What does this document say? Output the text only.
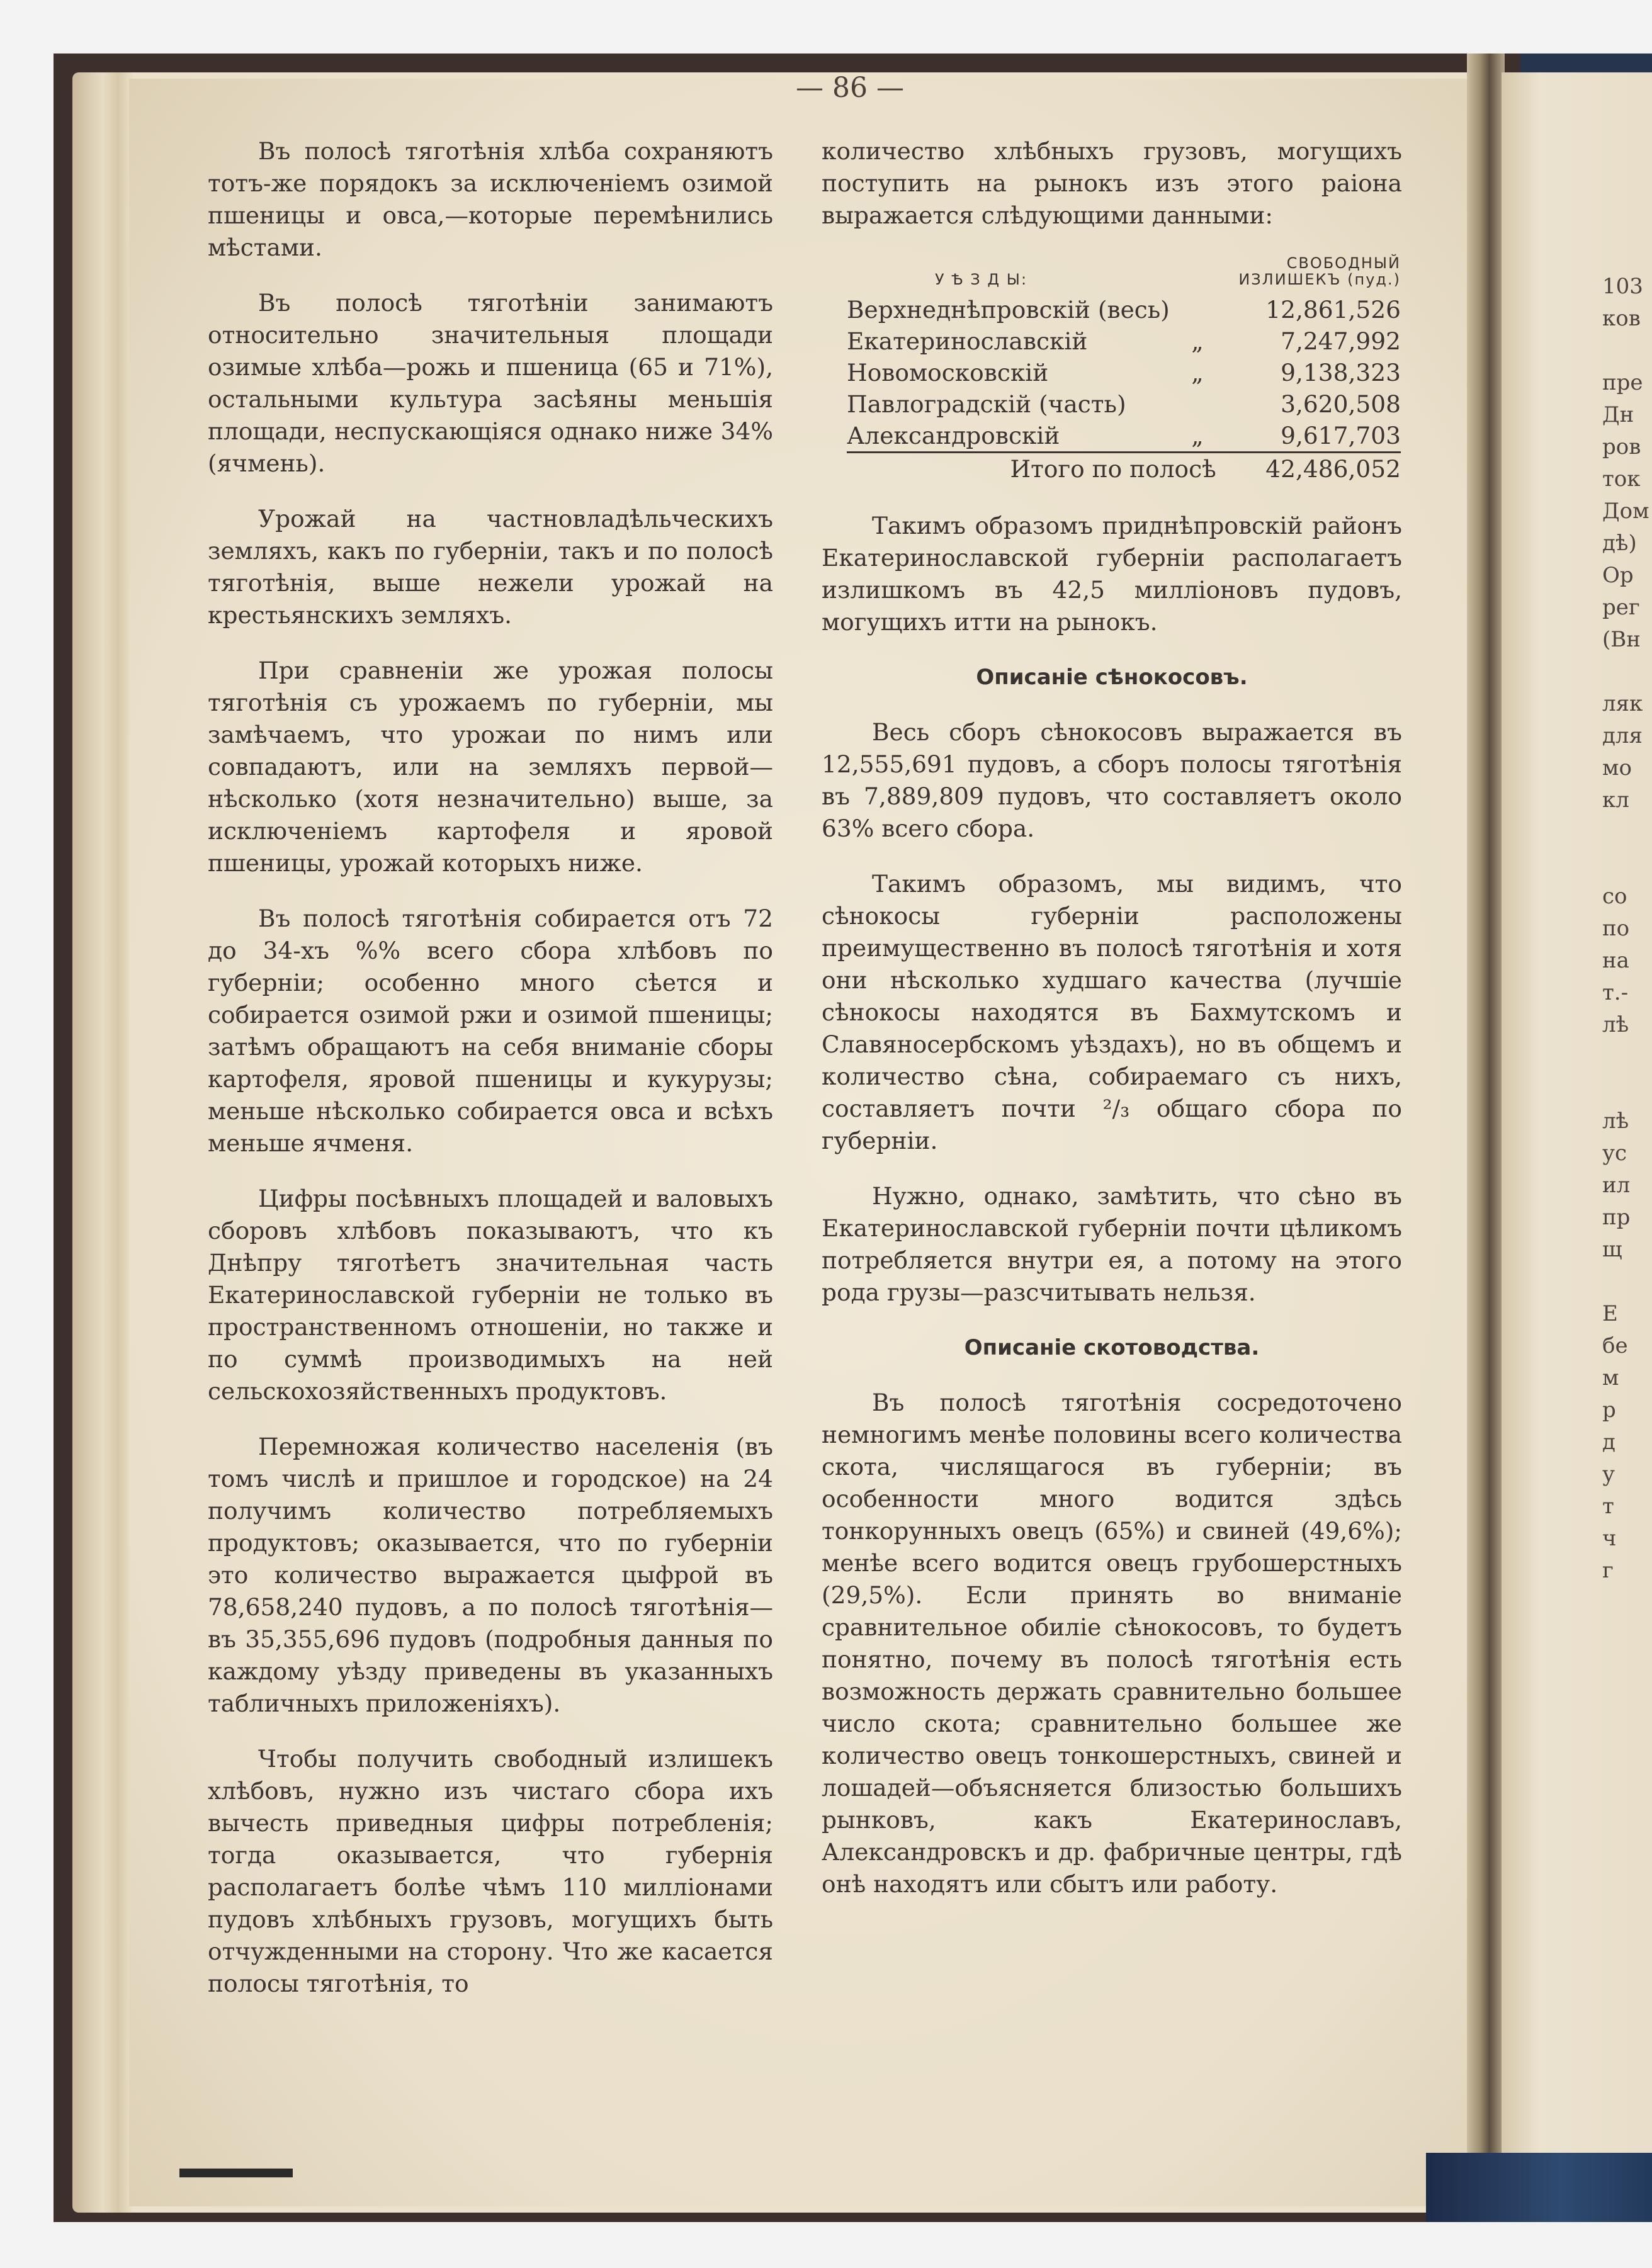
— 86 —

Въ полосѣ тяготѣнія хлѣба сохраняютъ тотъ-же порядокъ за исключеніемъ озимой пшеницы и овса,—которые перемѣнились мѣстами.

Въ полосѣ тяготѣніи занимаютъ относительно значительныя площади озимые хлѣба—рожь и пшеница (65 и 71%), остальными культура засѣяны меньшія площади, неспускающіяся однако ниже 34% (ячмень).

Урожай на частновладѣльческихъ земляхъ, какъ по губерніи, такъ и по полосѣ тяготѣнія, выше нежели урожай на крестьянскихъ земляхъ.

При сравненіи же урожая полосы тяготѣнія съ урожаемъ по губерніи, мы замѣчаемъ, что урожаи по нимъ или совпадаютъ, или на земляхъ первой—нѣсколько (хотя незначительно) выше, за исключеніемъ картофеля и яровой пшеницы, урожай которыхъ ниже.

Въ полосѣ тяготѣнія собирается отъ 72 до 34-хъ %% всего сбора хлѣбовъ по губерніи; особенно много сѣется и собирается озимой ржи и озимой пшеницы; затѣмъ обращаютъ на себя вниманіе сборы картофеля, яровой пшеницы и кукурузы; меньше нѣсколько собирается овса и всѣхъ меньше ячменя.

Цифры посѣвныхъ площадей и валовыхъ сборовъ хлѣбовъ показываютъ, что къ Днѣпру тяготѣетъ значительная часть Екатеринославской губерніи не только въ пространственномъ отношеніи, но также и по суммѣ производимыхъ на ней сельскохозяйственныхъ продуктовъ.

Перемножая количество населенія (въ томъ числѣ и пришлое и городское) на 24 получимъ количество потребляемыхъ продуктовъ; оказывается, что по губерніи это количество выражается цыфрой въ 78,658,240 пудовъ, а по полосѣ тяготѣнія—въ 35,355,696 пудовъ (подробныя данныя по каждому уѣзду приведены въ указанныхъ табличныхъ приложеніяхъ).

Чтобы получить свободный излишекъ хлѣбовъ, нужно изъ чистаго сбора ихъ вычесть приведныя цифры потребленія; тогда оказывается, что губернія располагаетъ болѣе чѣмъ 110 милліонами пудовъ хлѣбныхъ грузовъ, могущихъ быть отчужденными на сторону. Что же касается полосы тяготѣнія, то

количество хлѣбныхъ грузовъ, могущихъ поступить на рынокъ изъ этого раіона выражается слѣдующими данными:

У Ѣ З Д Ы:	СВОБОДНЫЙ
ИЗЛИШЕКЪ (пуд.)
Верхнеднѣпровскій (весь)	12,861,526
Екатеринославскій „	7,247,992
Новомосковскій „	9,138,323
Павлоградскій (часть)	3,620,508
Александровскій „	9,617,703
Итого по полосѣ	42,486,052

Такимъ образомъ приднѣпровскій районъ Екатеринославской губерніи располагаетъ излишкомъ въ 42,5 милліоновъ пудовъ, могущихъ итти на рынокъ.

Описаніе сѣнокосовъ.

Весь сборъ сѣнокосовъ выражается въ 12,555,691 пудовъ, а сборъ полосы тяготѣнія въ 7,889,809 пудовъ, что составляетъ около 63% всего сбора.

Такимъ образомъ, мы видимъ, что сѣнокосы губерніи расположены преимущественно въ полосѣ тяготѣнія и хотя они нѣсколько худшаго качества (лучшіе сѣнокосы находятся въ Бахмутскомъ и Славяносербскомъ уѣздахъ), но въ общемъ и количество сѣна, собираемаго съ нихъ, составляетъ почти ²/₃ общаго сбора по губерніи.

Нужно, однако, замѣтить, что сѣно въ Екатеринославской губерніи почти цѣликомъ потребляется внутри ея, а потому на этого рода грузы—разсчитывать нельзя.

Описаніе скотоводства.

Въ полосѣ тяготѣнія сосредоточено немногимъ менѣе половины всего количества скота, числящагося въ губерніи; въ особенности много водится здѣсь тонкорунныхъ овецъ (65%) и свиней (49,6%); менѣе всего водится овецъ грубошерстныхъ (29,5%). Если принять во вниманіе сравнительное обиліе сѣнокосовъ, то будетъ понятно, почему въ полосѣ тяготѣнія есть возможность держать сравнительно большее число скота; сравнительно большее же количество овецъ тонкошерстныхъ, свиней и лошадей—объясняется близостью большихъ рынковъ, какъ Екатеринославъ, Александровскъ и др. фабричные центры, гдѣ онѣ находятъ или сбытъ или работу.

103
ков
пре
Дн
ров
ток
Дом
дѣ)
Ор
рег
(Вн
ляк
для
мо
кл
со
по
на
т.-
лѣ
лѣ
ус
ил
пр
щ
Е
бе
м
р
д
у
т
ч
г
